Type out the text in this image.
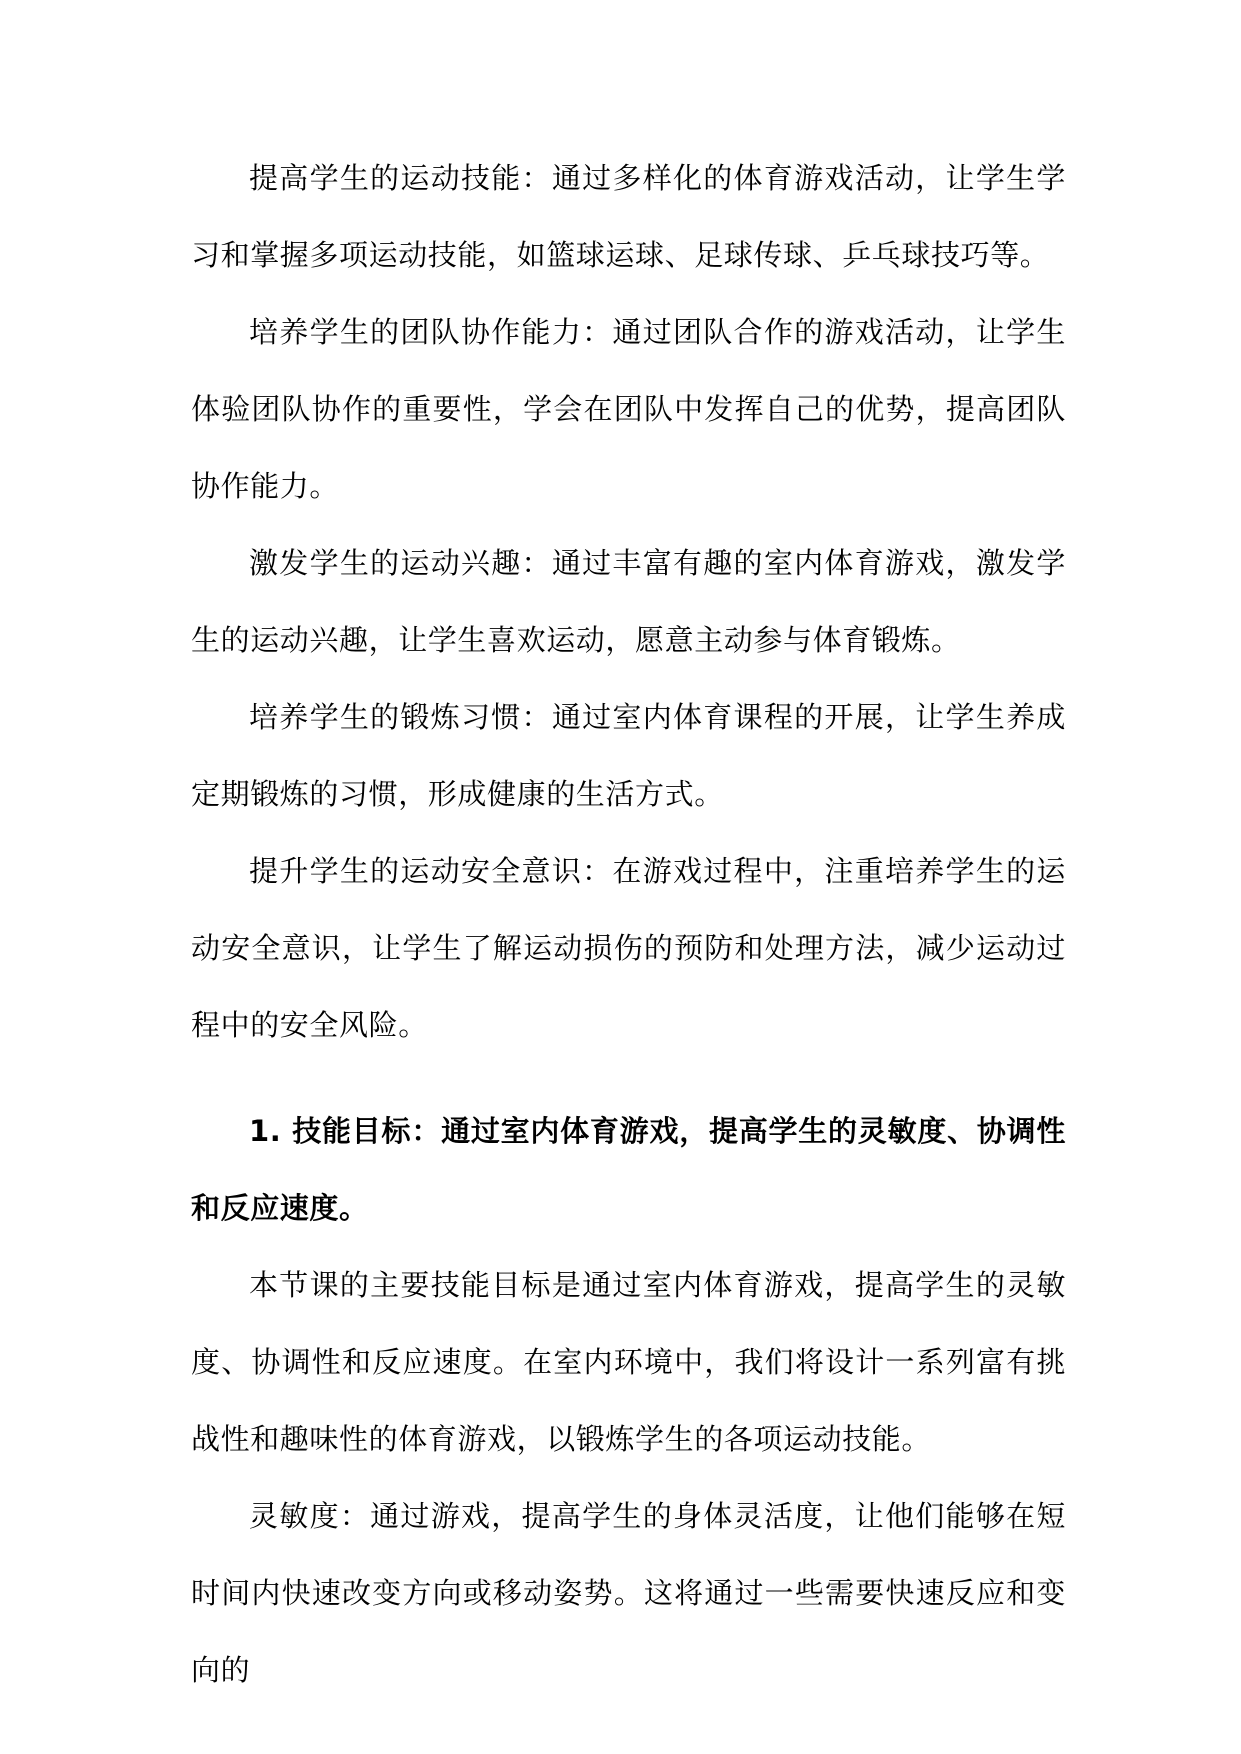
提高学生的运动技能：通过多样化的体育游戏活动，让学生学习和掌握多项运动技能，如篮球运球、足球传球、乒乓球技巧等。

培养学生的团队协作能力：通过团队合作的游戏活动，让学生体验团队协作的重要性，学会在团队中发挥自己的优势，提高团队协作能力。

激发学生的运动兴趣：通过丰富有趣的室内体育游戏，激发学生的运动兴趣，让学生喜欢运动，愿意主动参与体育锻炼。

培养学生的锻炼习惯：通过室内体育课程的开展，让学生养成定期锻炼的习惯，形成健康的生活方式。

提升学生的运动安全意识：在游戏过程中，注重培养学生的运动安全意识，让学生了解运动损伤的预防和处理方法，减少运动过程中的安全风险。

1. 技能目标：通过室内体育游戏，提高学生的灵敏度、协调性和反应速度。

本节课的主要技能目标是通过室内体育游戏，提高学生的灵敏度、协调性和反应速度。在室内环境中，我们将设计一系列富有挑战性和趣味性的体育游戏，以锻炼学生的各项运动技能。

灵敏度：通过游戏，提高学生的身体灵活度，让他们能够在短时间内快速改变方向或移动姿势。这将通过一些需要快速反应和变向的
